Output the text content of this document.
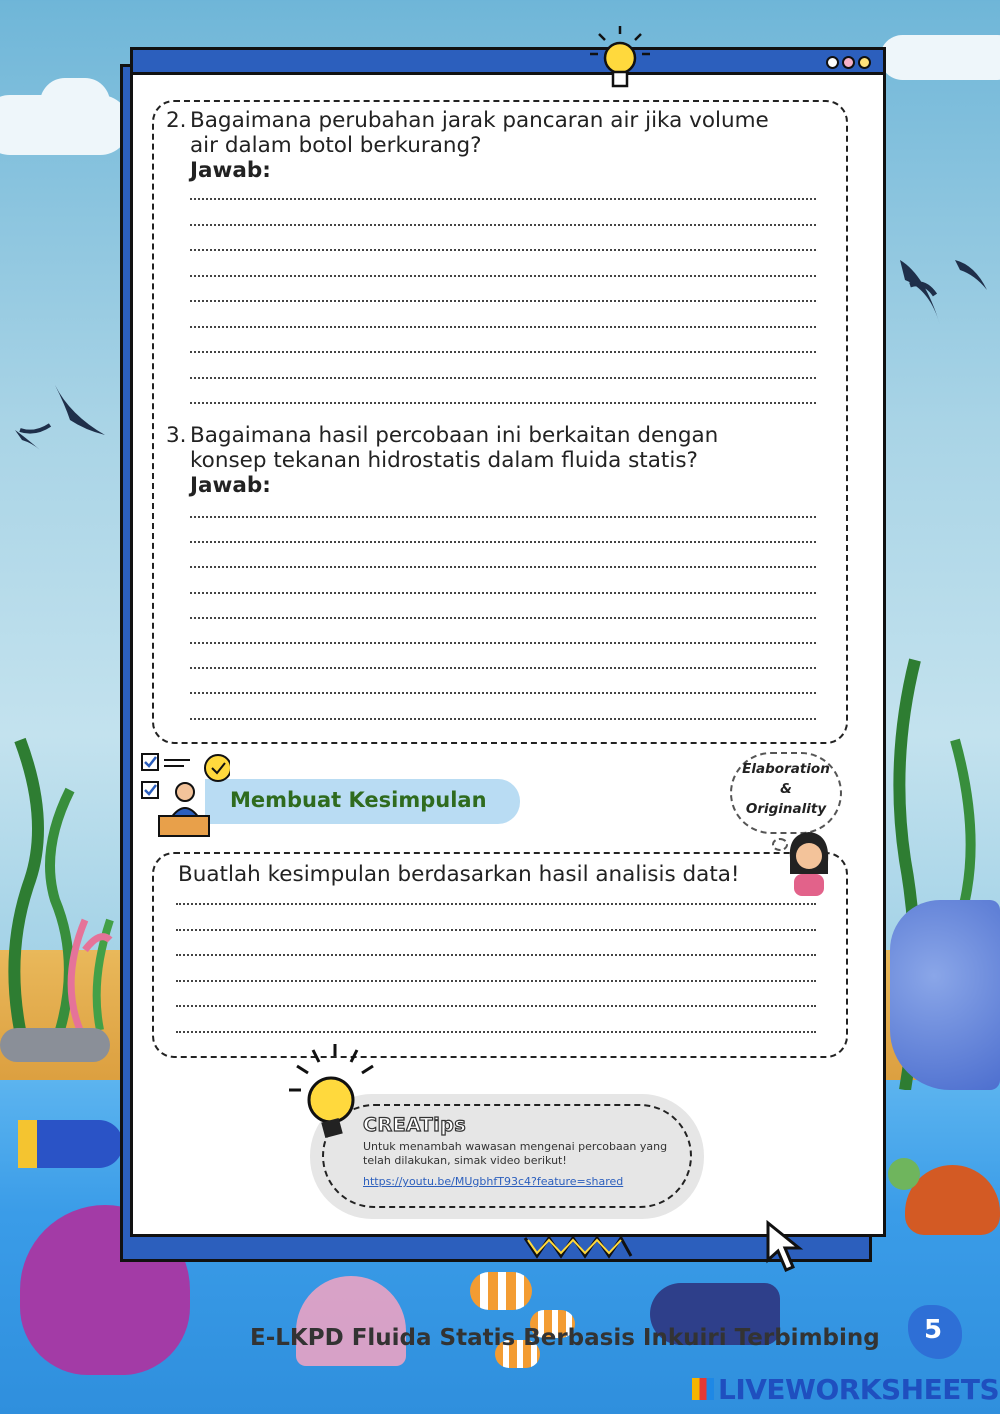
2. Bagaimana perubahan jarak pancaran air jika volume
air dalam botol berkurang?
Jawab:
3. Bagaimana hasil percobaan ini berkaitan dengan
konsep tekanan hidrostatis dalam fluida statis?
Jawab:
Membuat Kesimpulan
Elaboration
&
Originality
Buatlah kesimpulan berdasarkan hasil analisis data!
CREATips
Untuk menambah wawasan mengenai percobaan yang telah dilakukan, simak video berikut!
https://youtu.be/MUgbhfT93c4?feature=shared
E-LKPD Fluida Statis Berbasis Inkuiri Terbimbing 5
LIVEWORKSHEETS
